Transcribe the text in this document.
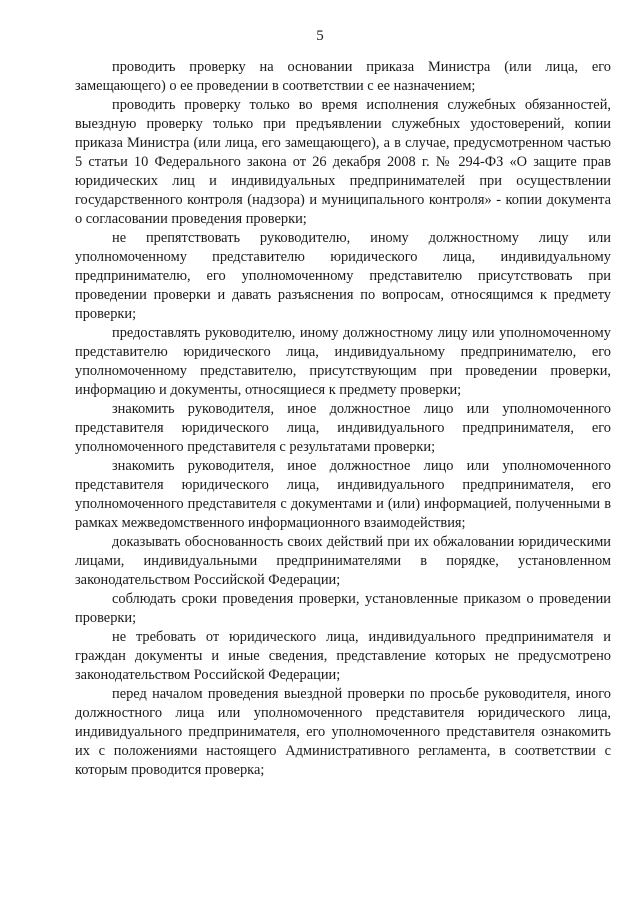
5

проводить проверку на основании приказа Министра (или лица, его замещающего) о ее проведении в соответствии с ее назначением;

проводить проверку только во время исполнения служебных обязанностей, выездную проверку только при предъявлении служебных удостоверений, копии приказа Министра (или лица, его замещающего), а в случае, предусмотренном частью 5 статьи 10 Федерального закона от 26 декабря 2008 г. № 294-ФЗ «О защите прав юридических лиц и индивидуальных предпринимателей при осуществлении государственного контроля (надзора) и муниципального контроля» - копии документа о согласовании проведения проверки;

не препятствовать руководителю, иному должностному лицу или уполномоченному представителю юридического лица, индивидуальному предпринимателю, его уполномоченному представителю присутствовать при проведении проверки и давать разъяснения по вопросам, относящимся к предмету проверки;

предоставлять руководителю, иному должностному лицу или уполномоченному представителю юридического лица, индивидуальному предпринимателю, его уполномоченному представителю, присутствующим при проведении проверки, информацию и документы, относящиеся к предмету проверки;

знакомить руководителя, иное должностное лицо или уполномоченного представителя юридического лица, индивидуального предпринимателя, его уполномоченного представителя с результатами проверки;

знакомить руководителя, иное должностное лицо или уполномоченного представителя юридического лица, индивидуального предпринимателя, его уполномоченного представителя с документами и (или) информацией, полученными в рамках межведомственного информационного взаимодействия;

доказывать обоснованность своих действий при их обжаловании юридическими лицами, индивидуальными предпринимателями в порядке, установленном законодательством Российской Федерации;

соблюдать сроки проведения проверки, установленные приказом о проведении проверки;

не требовать от юридического лица, индивидуального предпринимателя и граждан документы и иные сведения, представление которых не предусмотрено законодательством Российской Федерации;

перед началом проведения выездной проверки по просьбе руководителя, иного должностного лица или уполномоченного представителя юридического лица, индивидуального предпринимателя, его уполномоченного представителя ознакомить их с положениями настоящего Административного регламента, в соответствии с которым проводится проверка;
